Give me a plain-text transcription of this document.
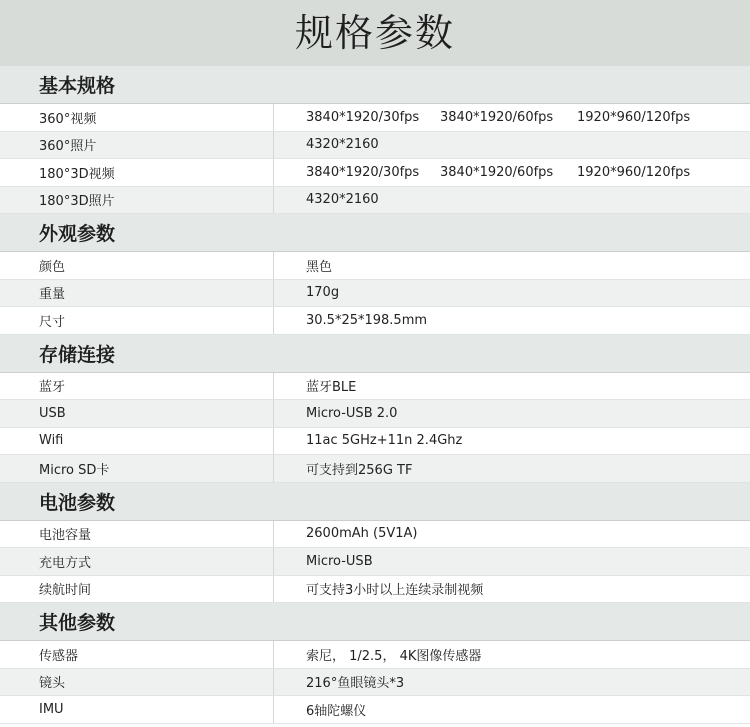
规格参数
基本规格
360°视频	3840*1920/30fps	3840*1920/60fps	1920*960/120fps
360°照片	4320*2160
180°3D视频	3840*1920/30fps	3840*1920/60fps	1920*960/120fps
180°3D照片	4320*2160
外观参数
颜色	黑色
重量	170g
尺寸	30.5*25*198.5mm
存储连接
蓝牙	蓝牙BLE
USB	Micro-USB 2.0
Wifi	11ac 5GHz+11n 2.4Ghz
Micro SD卡	可支持到256G TF
电池参数
电池容量	2600mAh (5V1A)
充电方式	Micro-USB
续航时间	可支持3小时以上连续录制视频
其他参数
传感器	索尼， 1/2.5， 4K图像传感器
镜头	216°鱼眼镜头*3
IMU	6轴陀螺仪
